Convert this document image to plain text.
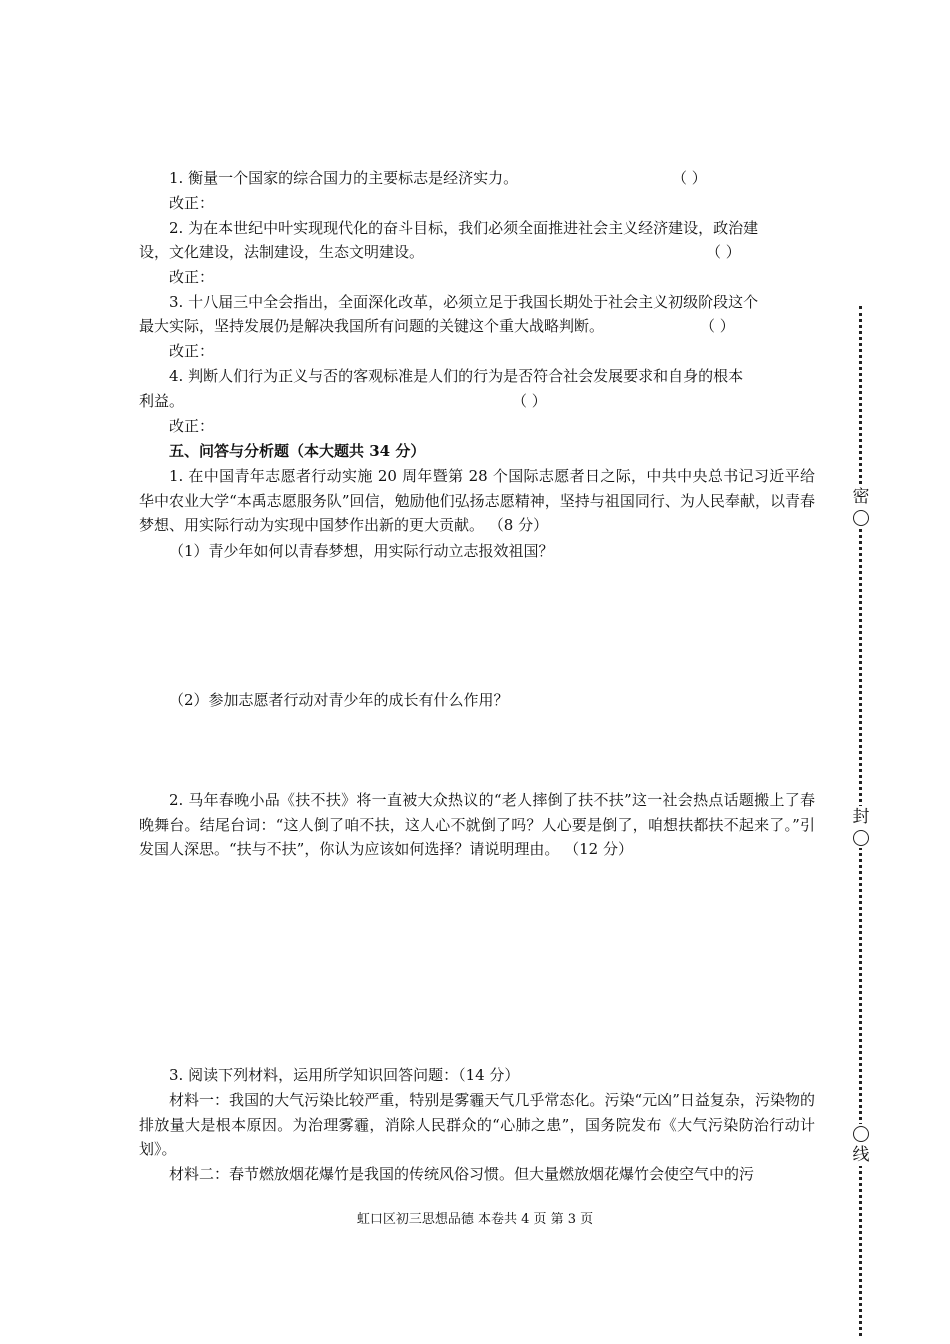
1. 衡量一个国家的综合国力的主要标志是经济实力。	（ ）
改正：
2. 为在本世纪中叶实现现代化的奋斗目标，我们必须全面推进社会主义经济建设，政治建
设，文化建设，法制建设，生态文明建设。	（ ）
改正：
3. 十八届三中全会指出，全面深化改革，必须立足于我国长期处于社会主义初级阶段这个
最大实际，坚持发展仍是解决我国所有问题的关键这个重大战略判断。	（ ）
改正：
4. 判断人们行为正义与否的客观标准是人们的行为是否符合社会发展要求和自身的根本
利益。	（ ）
改正：
五、问答与分析题（本大题共 34 分）
1. 在中国青年志愿者行动实施 20 周年暨第 28 个国际志愿者日之际，中共中央总书记习近平给华中农业大学“本禹志愿服务队”回信，勉励他们弘扬志愿精神，坚持与祖国同行、为人民奉献，以青春梦想、用实际行动为实现中国梦作出新的更大贡献。 （8 分）
（1）青少年如何以青春梦想，用实际行动立志报效祖国？
（2）参加志愿者行动对青少年的成长有什么作用？
2. 马年春晚小品《扶不扶》将一直被大众热议的“老人摔倒了扶不扶”这一社会热点话题搬上了春晚舞台。结尾台词：“这人倒了咱不扶，这人心不就倒了吗？人心要是倒了，咱想扶都扶不起来了。”引发国人深思。“扶与不扶”，你认为应该如何选择？请说明理由。 （12 分）
3. 阅读下列材料，运用所学知识回答问题：（14 分）
材料一：我国的大气污染比较严重，特别是雾霾天气几乎常态化。污染“元凶”日益复杂，污染物的排放量大是根本原因。为治理雾霾，消除人民群众的“心肺之患”，国务院发布《大气污染防治行动计划》。
材料二：春节燃放烟花爆竹是我国的传统风俗习惯。但大量燃放烟花爆竹会使空气中的污
虹口区初三思想品德 本卷共 4 页 第 3 页
密
封
线
